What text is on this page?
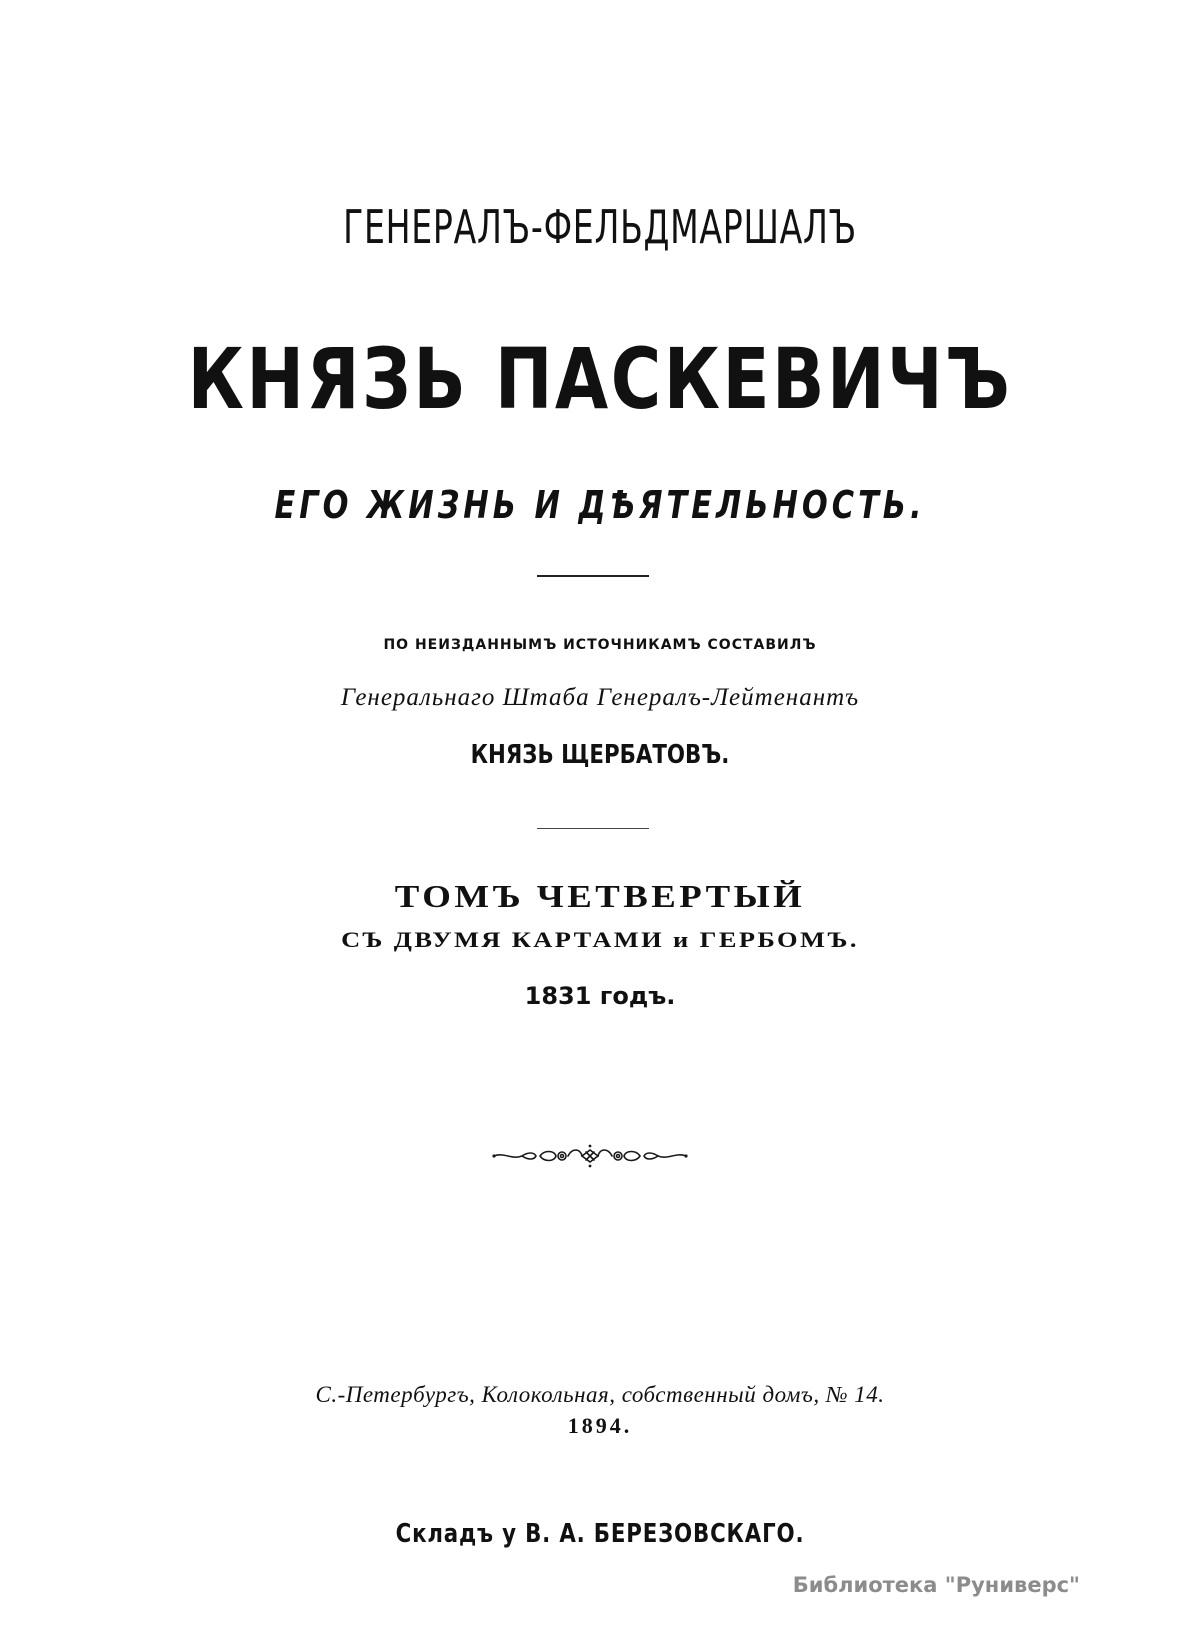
ГЕНЕРАЛЪ-ФЕЛЬДМАРШАЛЪ
КНЯЗЬ ПАСКЕВИЧЪ
ЕГО ЖИЗНЬ И ДѢЯТЕЛЬНОСТЬ.
ПО НЕИЗДАННЫМЪ ИСТОЧНИКАМЪ СОСТАВИЛЪ
Генеральнаго Штаба Генералъ-Лейтенантъ
КНЯЗЬ ЩЕРБАТОВЪ.
ТОМЪ ЧЕТВЕРТЫЙ
СЪ ДВУМЯ КАРТАМИ и ГЕРБОМЪ.
1831 годъ.
Складъ у В. А. БЕРЕЗОВСКАГО.
С.-Петербургъ, Колокольная, собственный домъ, № 14.
1894.
Библиотека "Руниверс"
